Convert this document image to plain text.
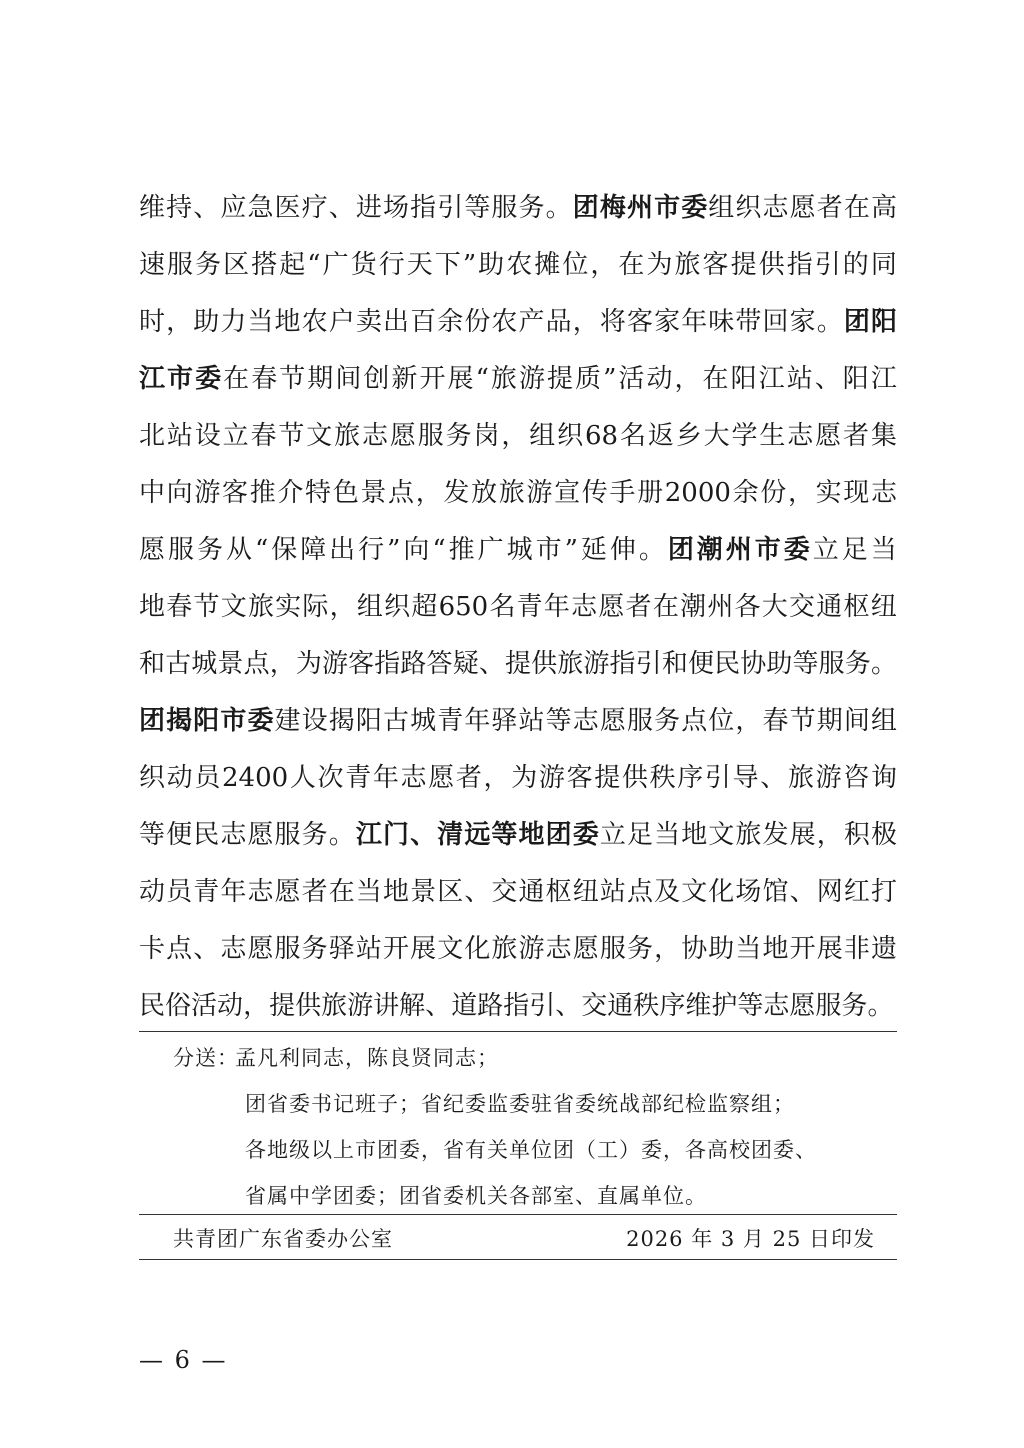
维 持 、 应 急 医 疗 、 进 场 指 引 等 服 务 。 团 梅 州 市 委 组 织 志 愿 者 在 高
速 服 务 区 搭 起 “ 广 货 行 天 下 ” 助 农 摊 位 ， 在 为 旅 客 提 供 指 引 的 同
时 ， 助 力 当 地 农 户 卖 出 百 余 份 农 产 品 ， 将 客 家 年 味 带 回 家 。 团 阳
江 市 委 在 春 节 期 间 创 新 开 展 “ 旅 游 提 质 ” 活 动 ， 在 阳 江 站 、 阳 江
北 站 设 立 春 节 文 旅 志 愿 服 务 岗 ， 组 织 68 名 返 乡 大 学 生 志 愿 者 集
中 向 游 客 推 介 特 色 景 点 ， 发 放 旅 游 宣 传 手 册 2000 余 份 ， 实 现 志
愿 服 务 从 “ 保 障 出 行 ” 向 “ 推 广 城 市 ” 延 伸 。 团 潮 州 市 委 立 足 当
地 春 节 文 旅 实 际 ， 组 织 超 650 名 青 年 志 愿 者 在 潮 州 各 大 交 通 枢 纽
和 古 城 景 点 ， 为 游 客 指 路 答 疑 、 提 供 旅 游 指 引 和 便 民 协 助 等 服 务 。
团 揭 阳 市 委 建 设 揭 阳 古 城 青 年 驿 站 等 志 愿 服 务 点 位 ， 春 节 期 间 组
织 动 员 2400 人 次 青 年 志 愿 者 ， 为 游 客 提 供 秩 序 引 导 、 旅 游 咨 询
等 便 民 志 愿 服 务 。 江 门 、 清 远 等 地 团 委 立 足 当 地 文 旅 发 展 ， 积 极
动 员 青 年 志 愿 者 在 当 地 景 区 、 交 通 枢 纽 站 点 及 文 化 场 馆 、 网 红 打
卡 点 、 志 愿 服 务 驿 站 开 展 文 化 旅 游 志 愿 服 务 ， 协 助 当 地 开 展 非 遗
民 俗 活 动 ， 提 供 旅 游 讲 解 、 道 路 指 引 、 交 通 秩 序 维 护 等 志 愿 服 务 。
分送：
孟凡利同志，陈良贤同志；
团省委书记班子；省纪委监委驻省委统战部纪检监察组；
各地级以上市团委，省有关单位团（工）委，各高校团委、
省属中学团委；团省委机关各部室、直属单位。
共青团广东省委办公室	2026 年 3 月 25 日印发
— 6 —
